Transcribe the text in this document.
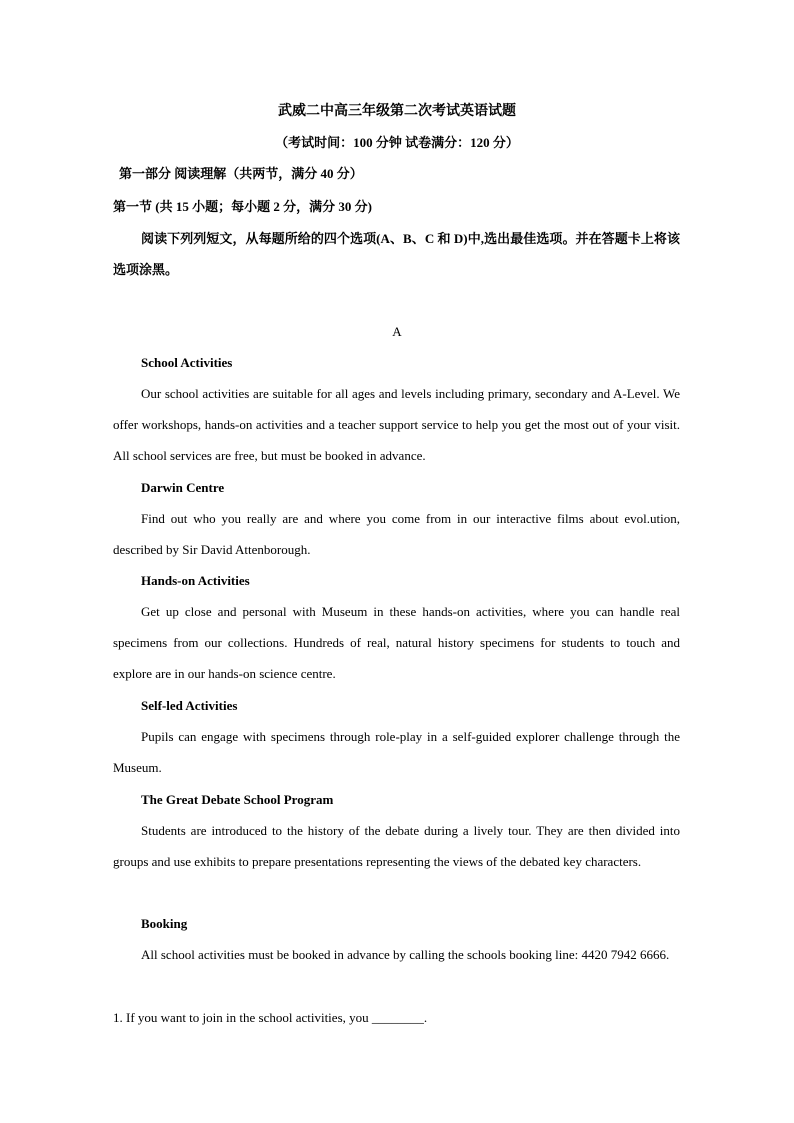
武威二中高三年级第二次考试英语试题
（考试时间：100 分钟 试卷满分：120 分）
第一部分 阅读理解（共两节，满分 40 分）
第一节 (共 15 小题；每小题 2 分，满分 30 分)
阅读下列列短文，从每题所给的四个选项(A、B、C 和 D)中,选出最佳选项。并在答题卡上将该选项涂黑。
A
School Activities
Our school activities are suitable for all ages and levels including primary, secondary and A-Level. We offer workshops, hands-on activities and a teacher support service to help you get the most out of your visit. All school services are free, but must be booked in advance.
Darwin Centre
Find out who you really are and where you come from in our interactive films about evol.ution, described by Sir David Attenborough.
Hands-on Activities
Get up close and personal with Museum in these hands-on activities, where you can handle real specimens from our collections. Hundreds of real, natural history specimens for students to touch and explore are in our hands-on science centre.
Self-led Activities
Pupils can engage with specimens through role-play in a self-guided explorer challenge through the Museum.
The Great Debate School Program
Students are introduced to the history of the debate during a lively tour. They are then divided into groups and use exhibits to prepare presentations representing the views of the debated key characters.
Booking
All school activities must be booked in advance by calling the schools booking line: 4420 7942 6666.
1. If you want to join in the school activities, you ________.
